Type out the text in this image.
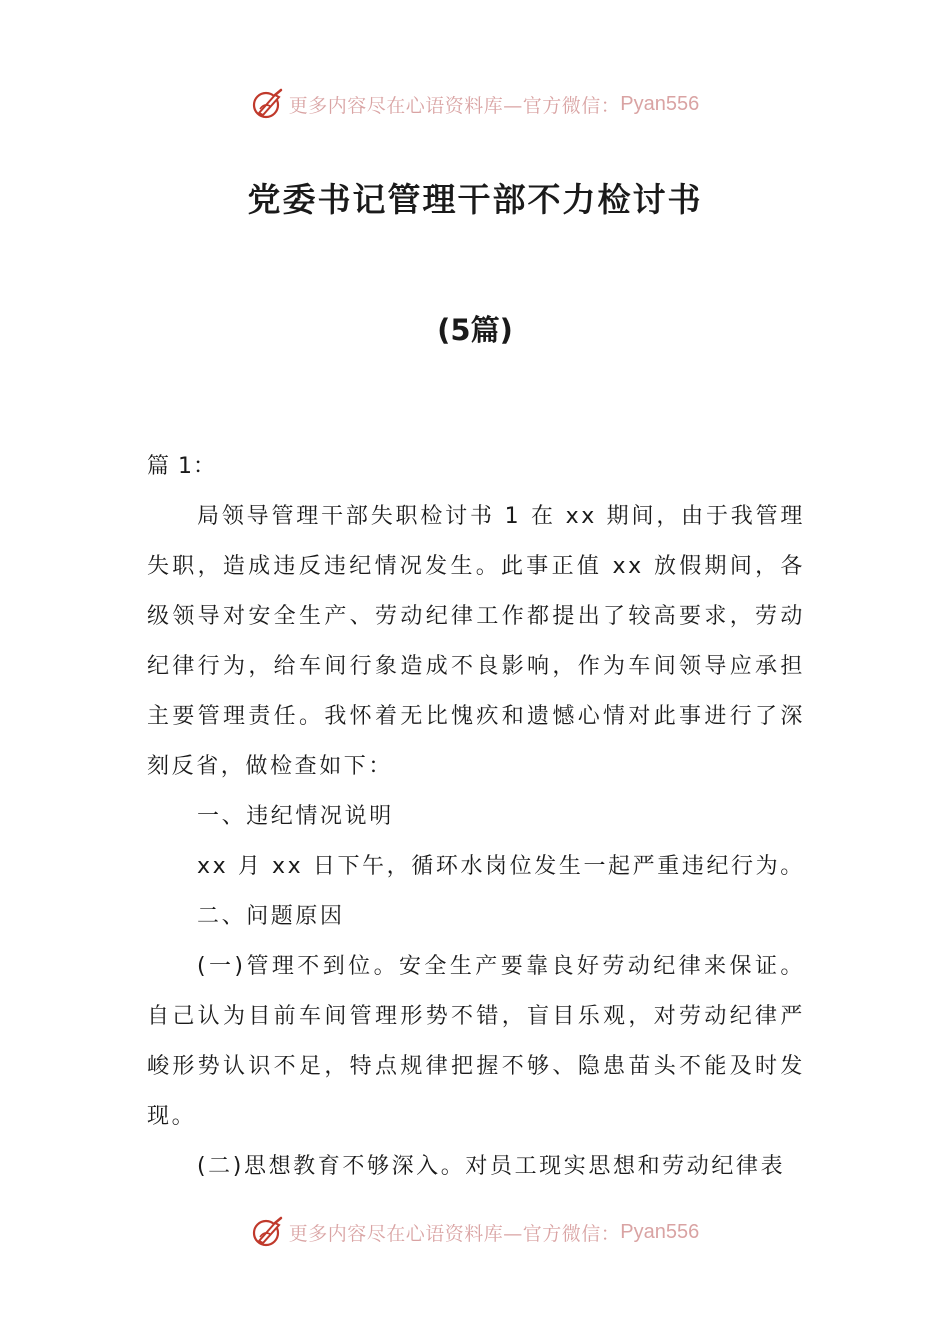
更多内容尽在心语资料库—官方微信： Pyan556
党委书记管理干部不力检讨书
(5篇)

篇 1：

局领导管理干部失职检讨书 1 在 xx 期间，由于我管理失职，造成违反违纪情况发生。此事正值 xx 放假期间，各级领导对安全生产、劳动纪律工作都提出了较高要求，劳动纪律行为，给车间行象造成不良影响，作为车间领导应承担主要管理责任。我怀着无比愧疚和遗憾心情对此事进行了深刻反省，做检查如下：

一、违纪情况说明

xx 月 xx 日下午，循环水岗位发生一起严重违纪行为。

二、问题原因

(一)管理不到位。安全生产要靠良好劳动纪律来保证。自己认为目前车间管理形势不错，盲目乐观，对劳动纪律严峻形势认识不足，特点规律把握不够、隐患苗头不能及时发现。

(二)思想教育不够深入。对员工现实思想和劳动纪律表

更多内容尽在心语资料库—官方微信： Pyan556
